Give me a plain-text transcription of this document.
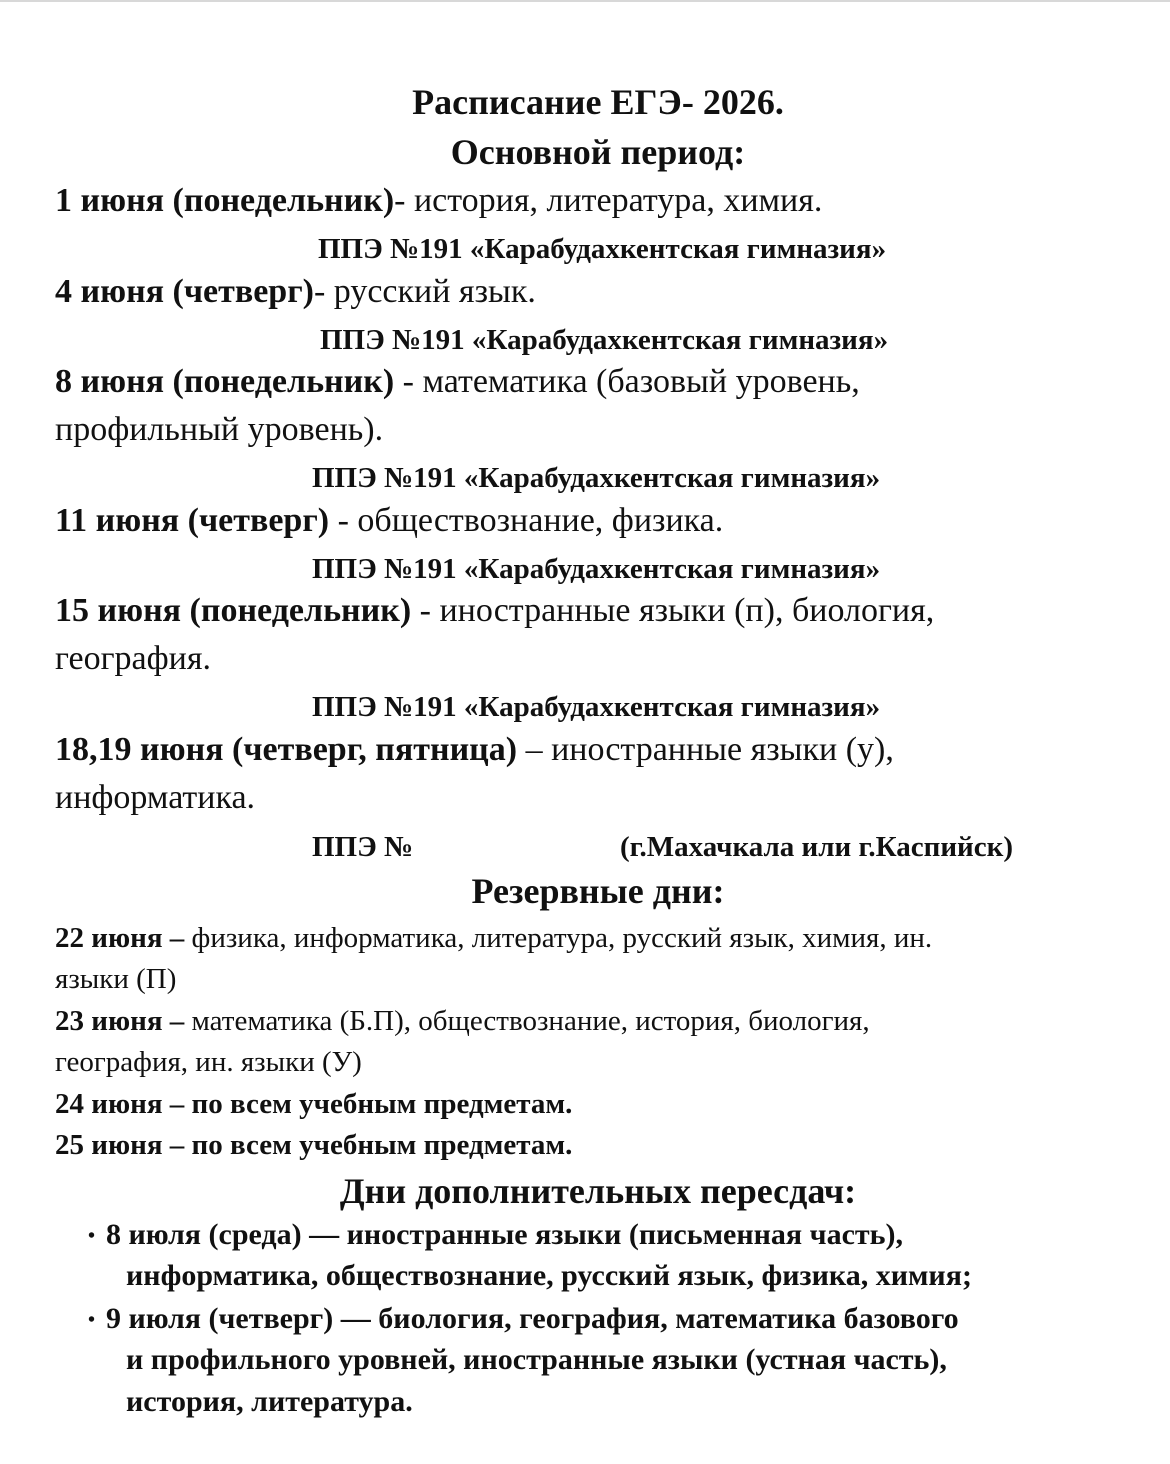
Расписание ЕГЭ- 2026.
Основной период:
1 июня (понедельник)- история, литература, химия.
ППЭ №191 «Карабудахкентская гимназия»
4 июня (четверг)- русский язык.
ППЭ №191 «Карабудахкентская гимназия»
8 июня (понедельник) - математика (базовый уровень,
профильный уровень).
ППЭ №191 «Карабудахкентская гимназия»
11 июня (четверг) - обществознание, физика.
ППЭ №191 «Карабудахкентская гимназия»
15 июня (понедельник) - иностранные языки (п), биология,
география.
ППЭ №191 «Карабудахкентская гимназия»
18,19 июня (четверг, пятница) – иностранные языки (у),
информатика.
ППЭ №	(г.Махачкала или г.Каспийск)
Резервные дни:
22 июня – физика, информатика, литература, русский язык, химия, ин.
языки (П)
23 июня – математика (Б.П), обществознание, история, биология,
география, ин. языки (У)
24 июня – по всем учебным предметам.
25 июня – по всем учебным предметам.
Дни дополнительных пересдач:
• 8 июля (среда) — иностранные языки (письменная часть),
информатика, обществознание, русский язык, физика, химия;
• 9 июля (четверг) — биология, география, математика базового
и профильного уровней, иностранные языки (устная часть),
история, литература.
